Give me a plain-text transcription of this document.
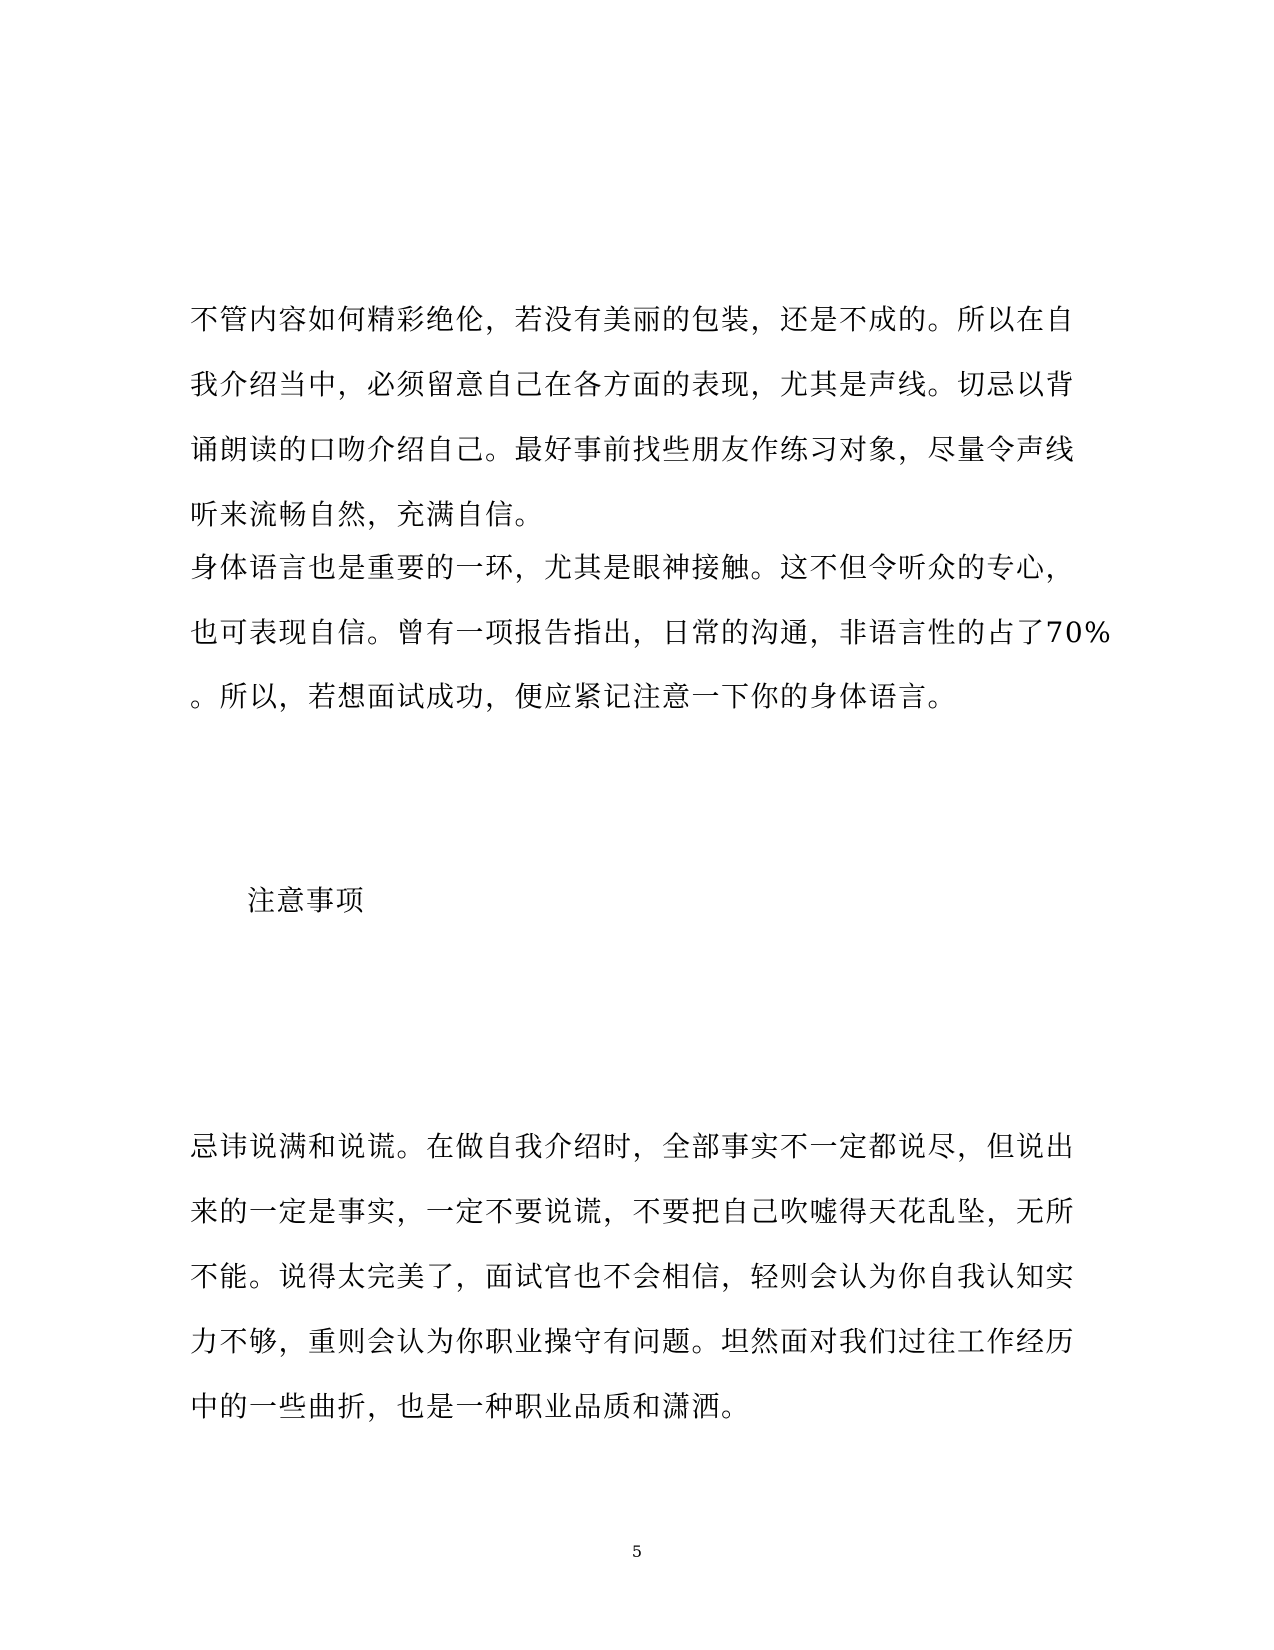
不管内容如何精彩绝伦，若没有美丽的包装，还是不成的。所以在自
我介绍当中，必须留意自己在各方面的表现，尤其是声线。切忌以背
诵朗读的口吻介绍自己。最好事前找些朋友作练习对象，尽量令声线
听来流畅自然，充满自信。
身体语言也是重要的一环，尤其是眼神接触。这不但令听众的专心，
也可表现自信。曾有一项报告指出，日常的沟通，非语言性的占了70%
。所以，若想面试成功，便应紧记注意一下你的身体语言。
注意事项
忌讳说满和说谎。在做自我介绍时，全部事实不一定都说尽，但说出
来的一定是事实，一定不要说谎，不要把自己吹嘘得天花乱坠，无所
不能。说得太完美了，面试官也不会相信，轻则会认为你自我认知实
力不够，重则会认为你职业操守有问题。坦然面对我们过往工作经历
中的一些曲折，也是一种职业品质和潇洒。
5
